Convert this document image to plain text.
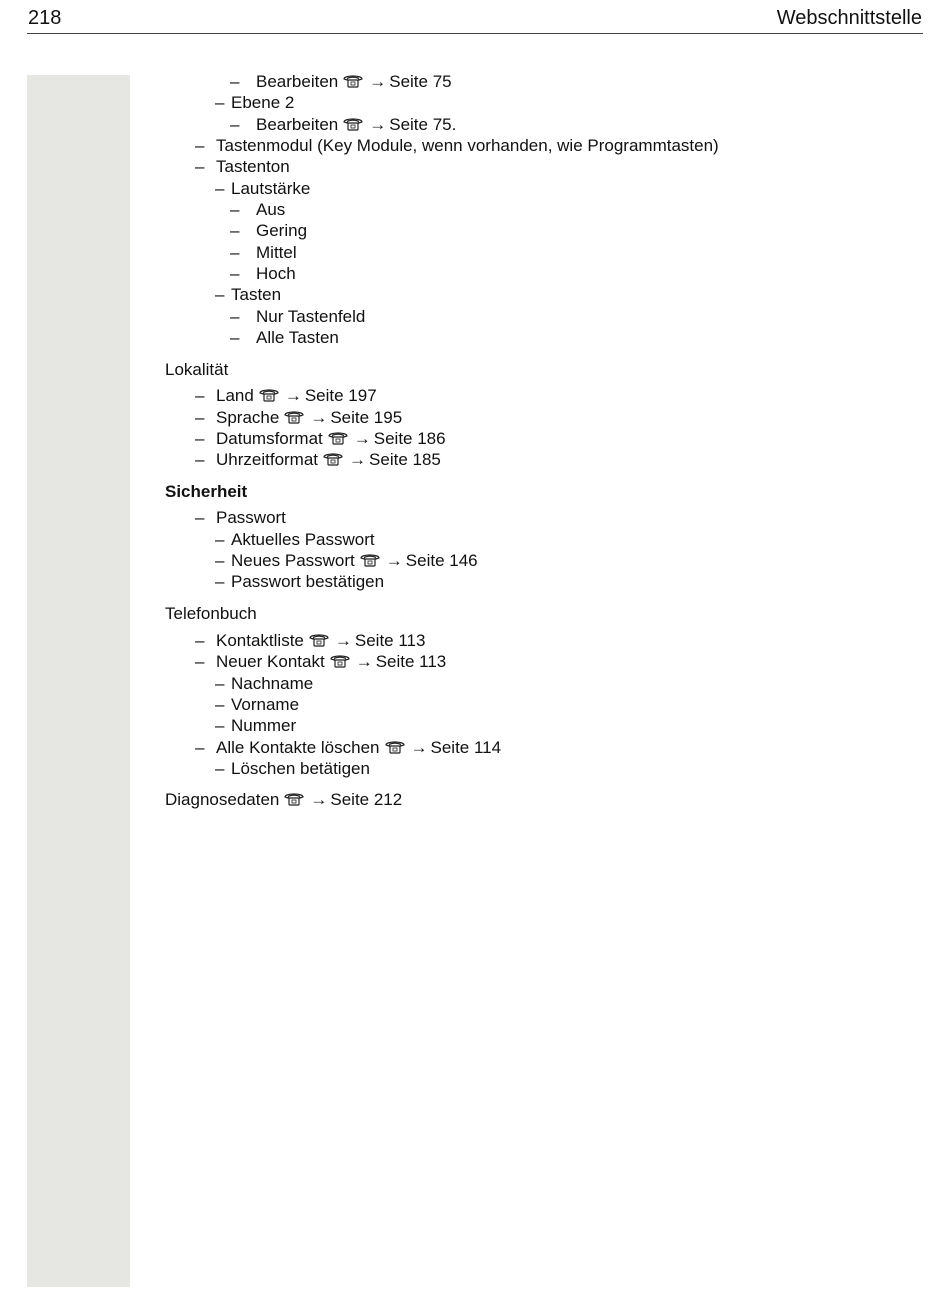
218	Webschnittstelle
– Bearbeiten → Seite 75
– Ebene 2
– Bearbeiten → Seite 75.
– Tastenmodul (Key Module, wenn vorhanden, wie Programmtasten)
– Tastenton
– Lautstärke
– Aus
– Gering
– Mittel
– Hoch
– Tasten
– Nur Tastenfeld
– Alle Tasten
Lokalität
– Land → Seite 197
– Sprache → Seite 195
– Datumsformat → Seite 186
– Uhrzeitformat → Seite 185
Sicherheit
– Passwort
– Aktuelles Passwort
– Neues Passwort → Seite 146
– Passwort bestätigen
Telefonbuch
– Kontaktliste → Seite 113
– Neuer Kontakt → Seite 113
– Nachname
– Vorname
– Nummer
– Alle Kontakte löschen → Seite 114
– Löschen betätigen
Diagnosedaten → Seite 212
